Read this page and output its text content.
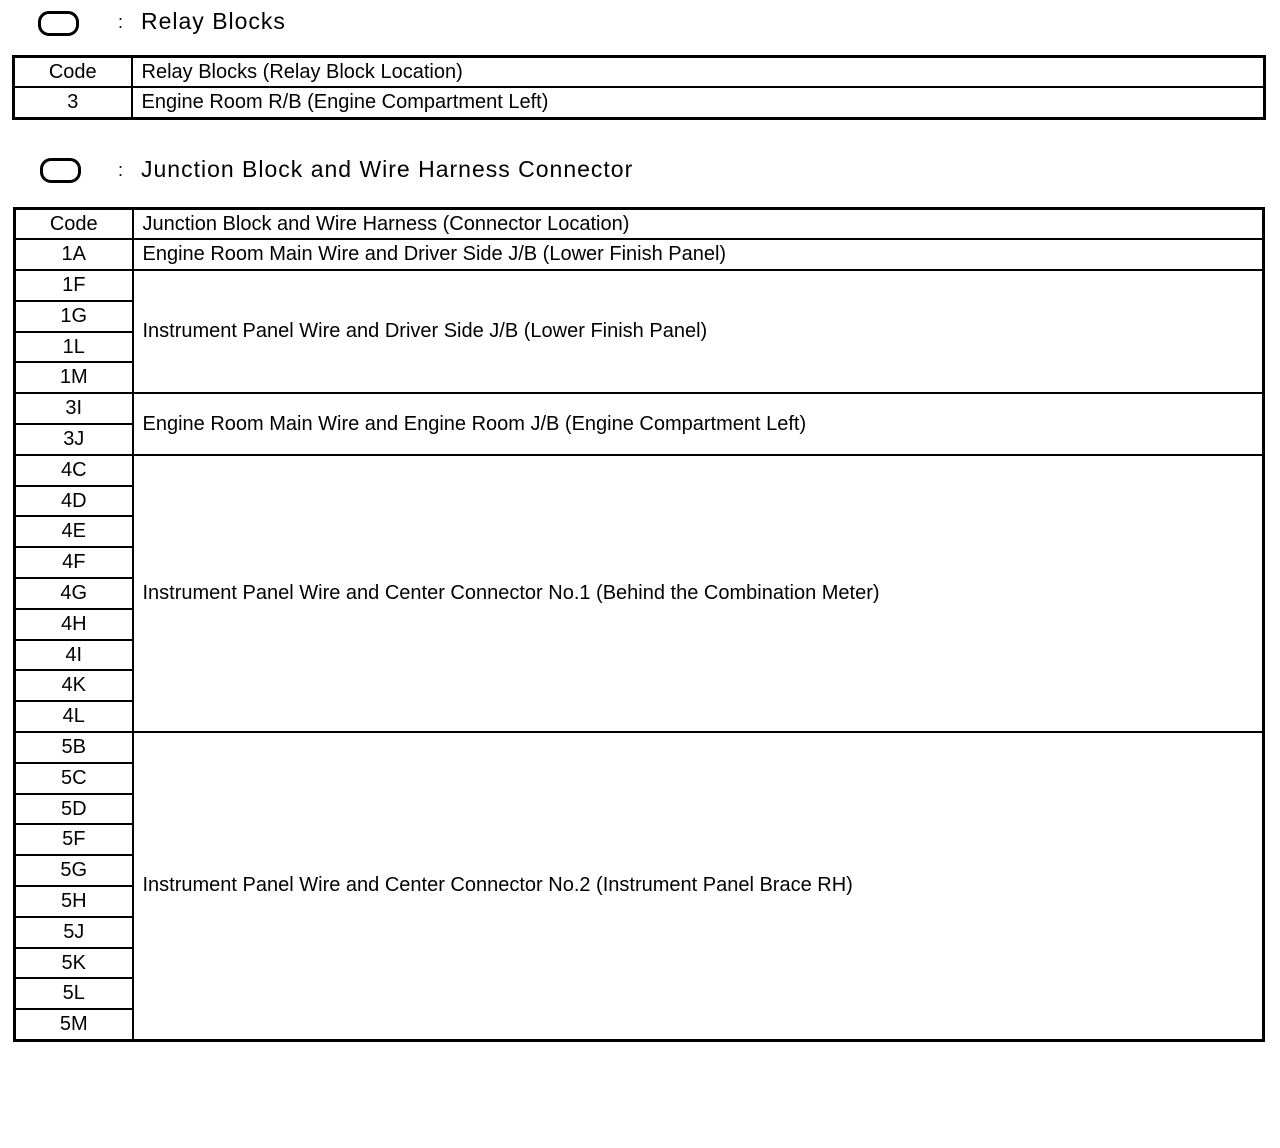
: Relay Blocks
Code	Relay Blocks (Relay Block Location)
3	Engine Room R/B (Engine Compartment Left)
: Junction Block and Wire Harness Connector
Code	Junction Block and Wire Harness (Connector Location)
1A	Engine Room Main Wire and Driver Side J/B (Lower Finish Panel)
1F	Instrument Panel Wire and Driver Side J/B (Lower Finish Panel)
1G	
1L	
1M	
3I	Engine Room Main Wire and Engine Room J/B (Engine Compartment Left)
3J	
4C	Instrument Panel Wire and Center Connector No.1 (Behind the Combination Meter)
4D	
4E	
4F	
4G	
4H	
4I	
4K	
4L	
5B	Instrument Panel Wire and Center Connector No.2 (Instrument Panel Brace RH)
5C	
5D	
5F	
5G	
5H	
5J	
5K	
5L	
5M	
